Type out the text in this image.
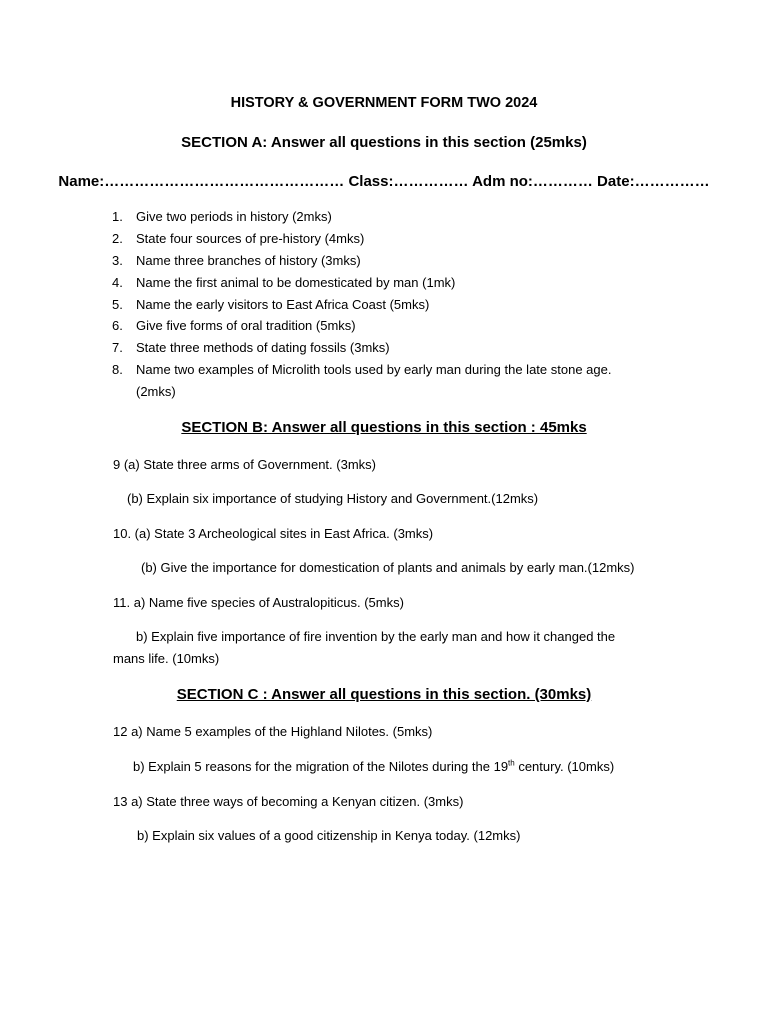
HISTORY & GOVERNMENT FORM TWO 2024
SECTION A: Answer all questions in this section (25mks)
Name:………………………………………… Class:…………… Adm no:………… Date:……………
1.	Give two periods in history (2mks)
2.	State four sources of pre-history (4mks)
3.	Name three branches of history (3mks)
4.	Name the first animal to be domesticated by man (1mk)
5.	Name the early visitors to East Africa Coast (5mks)
6.	Give five forms of oral tradition (5mks)
7.	State three methods of dating fossils (3mks)
8.	Name two examples of Microlith tools used by early man during the late stone age.
(2mks)
SECTION B: Answer all questions in this section : 45mks
9 (a) State three arms of Government. (3mks)
(b) Explain six importance of studying History and Government.(12mks)
10. (a) State 3 Archeological sites in East Africa. (3mks)
(b) Give the importance for domestication of plants and animals by early man.(12mks)
11. a) Name five species of Australopiticus. (5mks)
b) Explain five importance of fire invention by the early man and how it changed the
mans life. (10mks)
SECTION C : Answer all questions in this section. (30mks)
12 a) Name 5 examples of the Highland Nilotes. (5mks)
b) Explain 5 reasons for the migration of the Nilotes during the 19th century. (10mks)
13 a) State three ways of becoming a Kenyan citizen. (3mks)
b) Explain six values of a good citizenship in Kenya today. (12mks)
